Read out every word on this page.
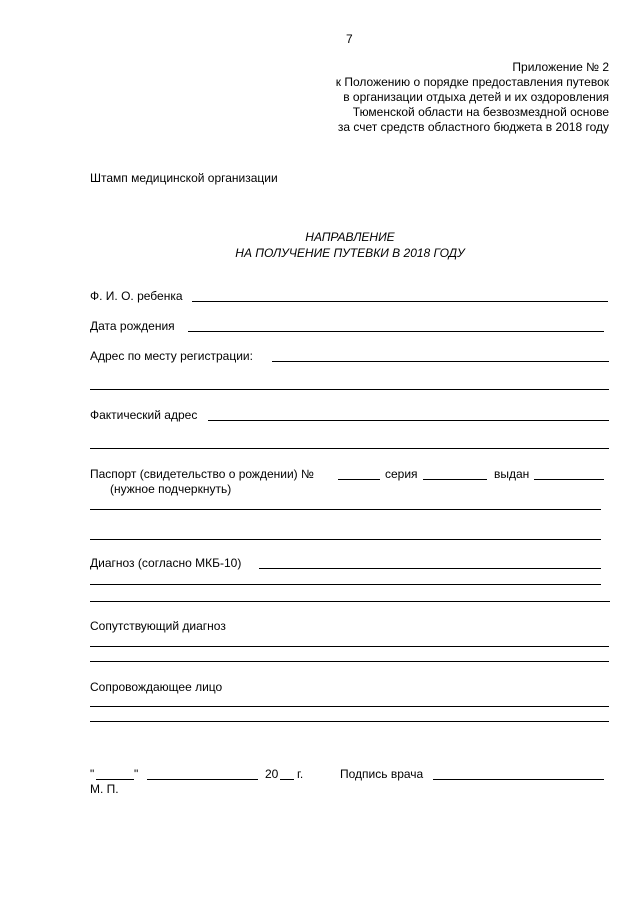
7
Приложение № 2
к Положению о порядке предоставления путевок
в организации отдыха детей и их оздоровления
Тюменской области на безвозмездной основе
за счет средств областного бюджета в 2018 году
Штамп медицинской организации
НАПРАВЛЕНИЕ
НА ПОЛУЧЕНИЕ ПУТЕВКИ В 2018 ГОДУ
Ф. И. О. ребенка
Дата рождения
Адрес по месту регистрации:
Фактический адрес
Паспорт (свидетельство о рождении) №	серия	выдан
(нужное подчеркнуть)
Диагноз (согласно МКБ-10)
Сопутствующий диагноз
Сопровождающее лицо
"	"	20 г.	Подпись врача
М. П.
